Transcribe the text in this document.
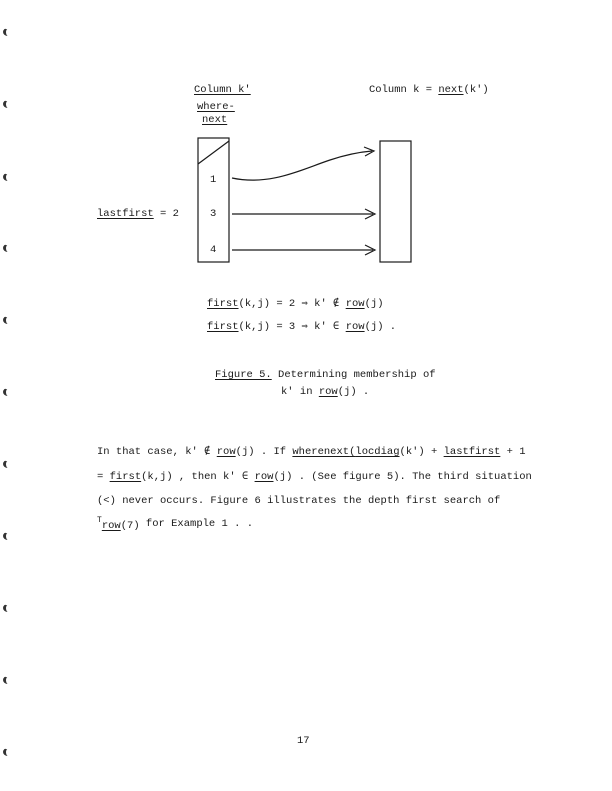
Column k'
where-
next
Column k = next(k')
1
3
4
lastfirst = 2
first(k,j) = 2 ⇒ k' ∉ row(j)
first(k,j) = 3 ⇒ k' ∈ row(j) .
Figure 5. Determining membership of
k' in row(j) .
In that case, k' ∉ row(j) . If wherenext(locdiag(k') + lastfirst + 1
= first(k,j) , then k' ∈ row(j) . (See figure 5). The third situation
(<) never occurs. Figure 6 illustrates the depth first search of
$^T$row(7) for Example 1 . .
17
